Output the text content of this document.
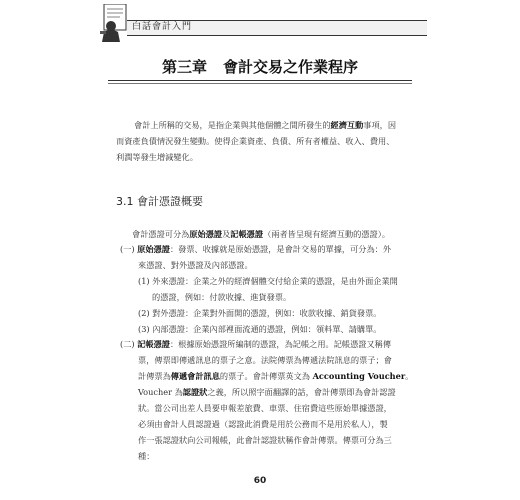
白話會計入門
第三章 會計交易之作業程序
會計上所稱的交易，是指企業與其他個體之間所發生的經濟互動事項，因
而資產負債情況發生變動。使得企業資產、負債、所有者權益、收入、費用、
利潤等發生增減變化。
3.1 會計憑證概要
會計憑證可分為原始憑證及記帳憑證（兩者皆呈現有經濟互動的憑證）。
(一) 原始憑證：發票、收據就是原始憑證，是會計交易的單據，可分為：外
來憑證、對外憑證及內部憑證。
(1) 外來憑證：企業之外的經濟個體交付給企業的憑證，是由外面企業開
的憑證，例如：付款收據、進貨發票。
(2) 對外憑證：企業對外面開的憑證，例如：收款收據、銷貨發票。
(3) 內部憑證：企業內部裡面流通的憑證，例如：領料單、請購單。
(二) 記帳憑證：根據原始憑證所編制的憑證，為記帳之用。記帳憑證又稱傳
票，傳票即傳遞訊息的票子之意。法院傳票為傳遞法院訊息的票子；會
計傳票為傳遞會計訊息的票子。會計傳票英文為 Accounting Voucher。
Voucher 為認證狀之義，所以照字面翻譯的話，會計傳票即為會計認證
狀。當公司出差人員要申報差旅費、車票、住宿費這些原始單據憑證，
必須由會計人員認證過（認證此消費是用於公務而不是用於私人），製
作一張認證狀向公司報帳，此會計認證狀稱作會計傳票。傳票可分為三
種：
60
